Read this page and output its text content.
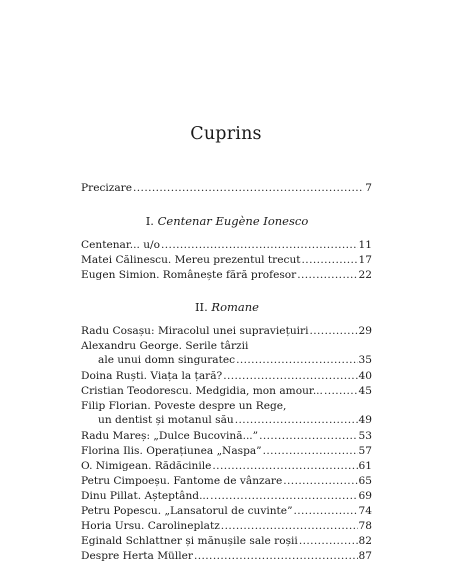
Cuprins
Precizare .....	7
I. Centenar Eugène Ionesco
Centenar... u/o .....	11
Matei Călinescu. Mereu prezentul trecut .....	17
Eugen Simion. Românește fără profesor .....	22
II. Romane
Radu Cosașu: Miracolul unei supraviețuiri .....	29
Alexandru George. Serile târzii
ale unui domn singuratec .....	35
Doina Ruști. Viața la țară? .....	40
Cristian Teodorescu. Medgidia, mon amour... .....	45
Filip Florian. Poveste despre un Rege,
un dentist și motanul său .....	49
Radu Mareș: „Dulce Bucovină...” .....	53
Florina Ilis. Operațiunea „Naspa” .....	57
O. Nimigean. Rădăcinile .....	61
Petru Cimpoeșu. Fantome de vânzare .....	65
Dinu Pillat. Așteptând... .....	69
Petru Popescu. „Lansatorul de cuvinte” .....	74
Horia Ursu. Carolineplatz .....	78
Eginald Schlattner și mănușile sale roșii .....	82
Despre Herta Müller .....	87
